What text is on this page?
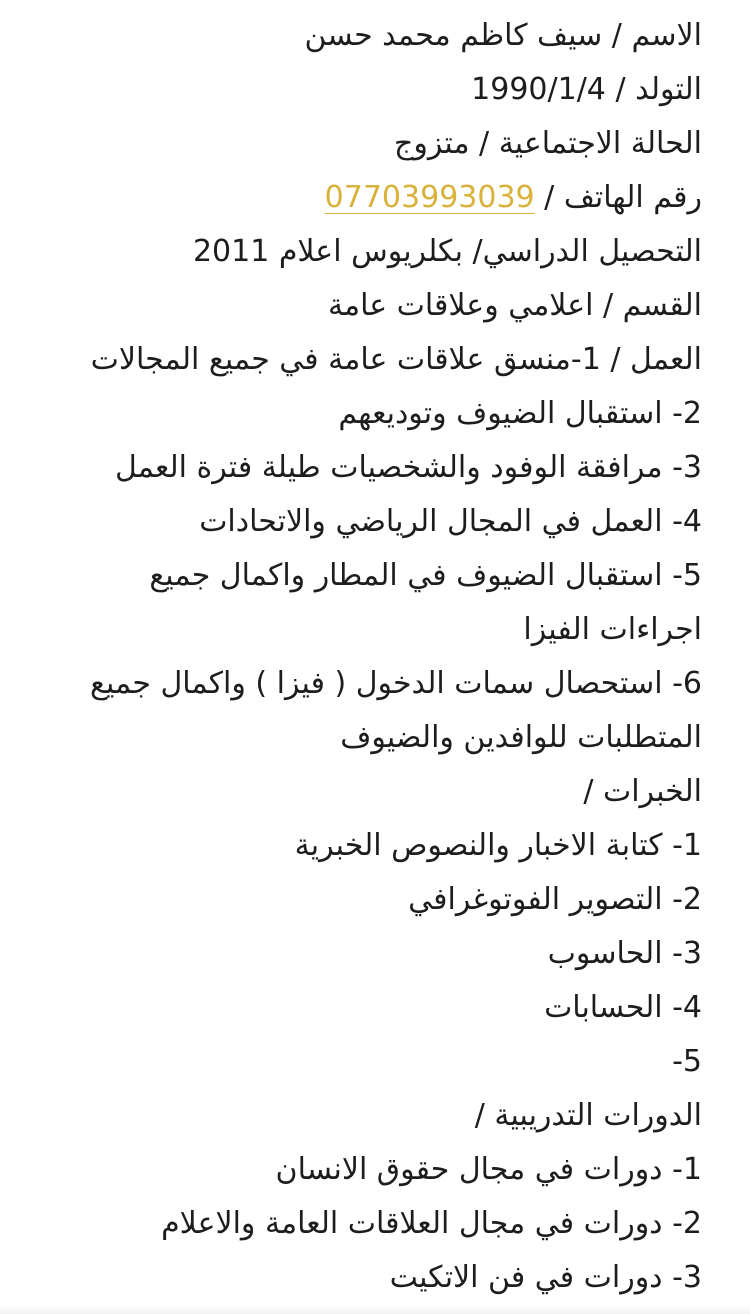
الاسم / سيف كاظم محمد حسن
التولد / 1990/1/4
الحالة الاجتماعية / متزوج
رقم الهاتف / 07703993039
التحصيل الدراسي/ بكلريوس اعلام 2011
القسم / اعلامي وعلاقات عامة
العمل / 1-منسق علاقات عامة في جميع المجالات
2- استقبال الضيوف وتوديعهم
3- مرافقة الوفود والشخصيات طيلة فترة العمل
4- العمل في المجال الرياضي والاتحادات
5- استقبال الضيوف في المطار واكمال جميع
اجراءات الفيزا
6- استحصال سمات الدخول ( فيزا ) واكمال جميع
المتطلبات للوافدين والضيوف
الخبرات /
1- كتابة الاخبار والنصوص الخبرية
2- التصوير الفوتوغرافي
3- الحاسوب
4- الحسابات
5-
الدورات التدريبية /
1- دورات في مجال حقوق الانسان
2- دورات في مجال العلاقات العامة والاعلام
3- دورات في فن الاتكيت
